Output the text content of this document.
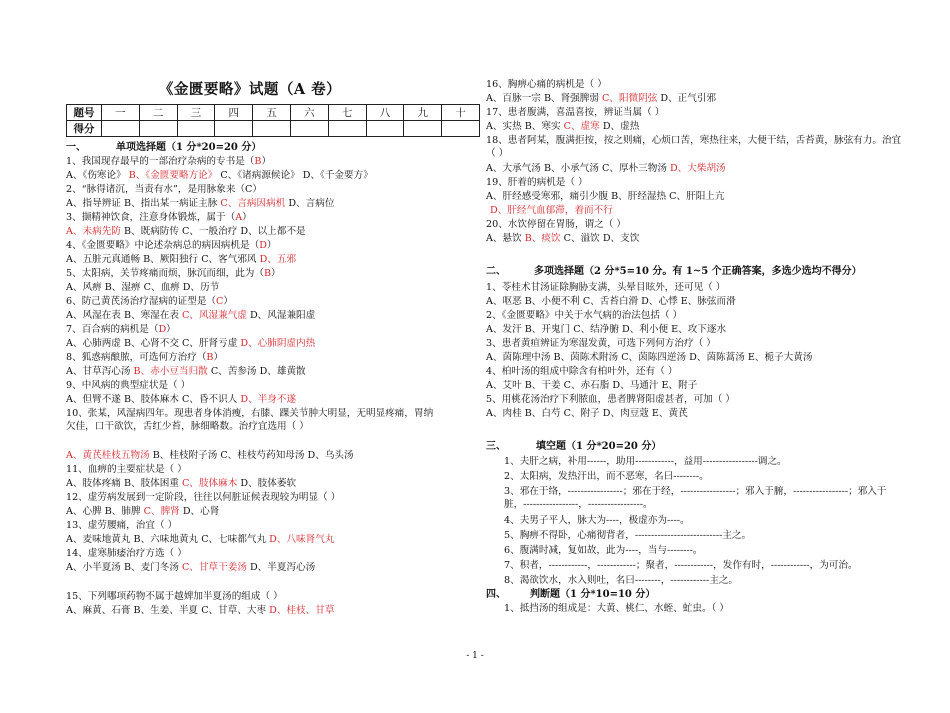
《金匮要略》试题（A 卷）
题号	一	二	三	四	五	六	七	八	九	十
得分										
一、	单项选择题（1 分*20=20 分）
1、我国现存最早的一部治疗杂病的专书是（B）
A、《伤寒论》 B、《金匮要略方论》 C、《诸病源候论》 D、《千金要方》
2、“脉得诸沉，当责有水”，是用脉象来（C）
A、指导辨证 B、指出某一病证主脉 C、言病因病机 D、言病位
3、撷精神饮食，注意身体锻炼，属于（A）
A、未病先防 B、既病防传 C、一般治疗 D、以上都不是
4、《金匮要略》中论述杂病总的病因病机是（D）
A、五脏元真通畅 B、厥阳独行 C、客气邪风 D、五邪
5、太阳病，关节疼痛而烦，脉沉而细，此为（B）
A、风痹 B、湿痹 C、血痹 D、历节
6、防己黄芪汤治疗湿病的证型是（C）
A、风湿在表 B、寒湿在表 C、风湿兼气虚 D、风湿兼阳虚
7、百合病的病机是（D）
A、心肺两虚 B、心肾不交 C、肝肾亏虚 D、心肺阴虚内热
8、狐惑病酿脓，可选何方治疗（B）
A、甘草泻心汤 B、赤小豆当归散 C、苦参汤 D、雄黄散
9、中风病的典型症状是（ ）
A、但臂不遂 B、肢体麻木 C、昏不识人 D、半身不遂
10、张某，风湿病四年。现患者身体消瘦，右膝、踝关节肿大明显，无明显疼痛，胃纳欠佳，口干欲饮，舌红少苔，脉细略数。治疗宜选用（ ）
A、黄芪桂枝五物汤 B、桂枝附子汤 C、桂枝芍药知母汤 D、乌头汤
11、血痹的主要症状是（ ）
A、肢体疼痛 B、肢体困重 C、肢体麻木 D、肢体萎软
12、虚劳病发展到一定阶段，往往以何脏证候表现较为明显（ ）
A、心脾 B、肺脾 C、脾肾 D、心肾
13、虚劳腰痛，治宜（ ）
A、麦味地黄丸 B、六味地黄丸 C、七味都气丸 D、八味肾气丸
14、虚寒肺痿治疗方选（ ）
A、小半夏汤 B、麦门冬汤 C、甘草干姜汤 D、半夏泻心汤
15、下列哪项药物不属于越婢加半夏汤的组成（ ）
A、麻黄、石膏 B、生姜、半夏 C、甘草、大枣 D、桂枝、甘草
16、胸痹心痛的病机是（ ）
A、百脉一宗 B、肾强脾弱 C、阳微阴弦 D、正气引邪
17、患者腹满，喜温喜按，辨证当属（ ）
A、实热 B、寒实 C、虚寒 D、虚热
18、患者阿某，腹满拒按，按之则痛，心烦口苦，寒热往来，大便干结，舌苔黄，脉弦有力。治宜（ ）
A、大承气汤 B、小承气汤 C、厚朴三物汤 D、大柴胡汤
19、肝着的病机是（ ）
A、肝经感受寒邪，痛引少腹 B、肝经湿热 C、肝阳上亢
D、肝经气血郁滞，着而不行
20、水饮停留在胃肠，谓之（ ）
A、悬饮 B、痰饮 C、溢饮 D、支饮
二、	多项选择题（2 分*5=10 分。有 1~5 个正确答案，多选少选均不得分）
1、苓桂术甘汤证除胸胁支满，头晕目眩外，还可见（ ）
A、呕恶 B、小便不利 C、舌苔白滑 D、心悸 E、脉弦而滑
2、《金匮要略》中关于水气病的治法包括（ ）
A、发汗 B、开鬼门 C、结净腑 D、利小便 E、攻下逐水
3、患者黄疸辨证为寒湿发黄，可选下列何方治疗（ ）
A、茵陈理中汤 B、茵陈术附汤 C、茵陈四逆汤 D、茵陈蒿汤 E、栀子大黄汤
4、柏叶汤的组成中除含有柏叶外，还有（ ）
A、艾叶 B、干姜 C、赤石脂 D、马通汁 E、附子
5、用桃花汤治疗下利脓血，患者脾肾阳虚甚者，可加（ ）
A、肉桂 B、白芍 C、附子 D、肉豆蔻 E、黄芪
三、	填空题（1 分*20=20 分）
1、夫肝之病，补用------，助用------------，益用-----------------调之。
2、太阳病，发热汗出，而不恶寒，名曰--------。
3、邪在于络，-----------------；邪在于经，-----------------；邪入于腑，-----------------；邪入于脏，-----------------，-----------------。
4、夫男子平人，脉大为----，极虚亦为----。
5、胸痹不得卧，心痛彻背者，---------------------------主之。
6、腹满时减，复如故，此为----，当与--------。
7、积者，------------，------------；聚者，------------，发作有时，------------，为可治。
8、渴欲饮水，水入则吐，名曰--------，------------主之。
四、 判断题（1 分*10=10 分）
1、抵挡汤的组成是：大黄、桃仁、水蛭、虻虫。（ ）
- 1 -
